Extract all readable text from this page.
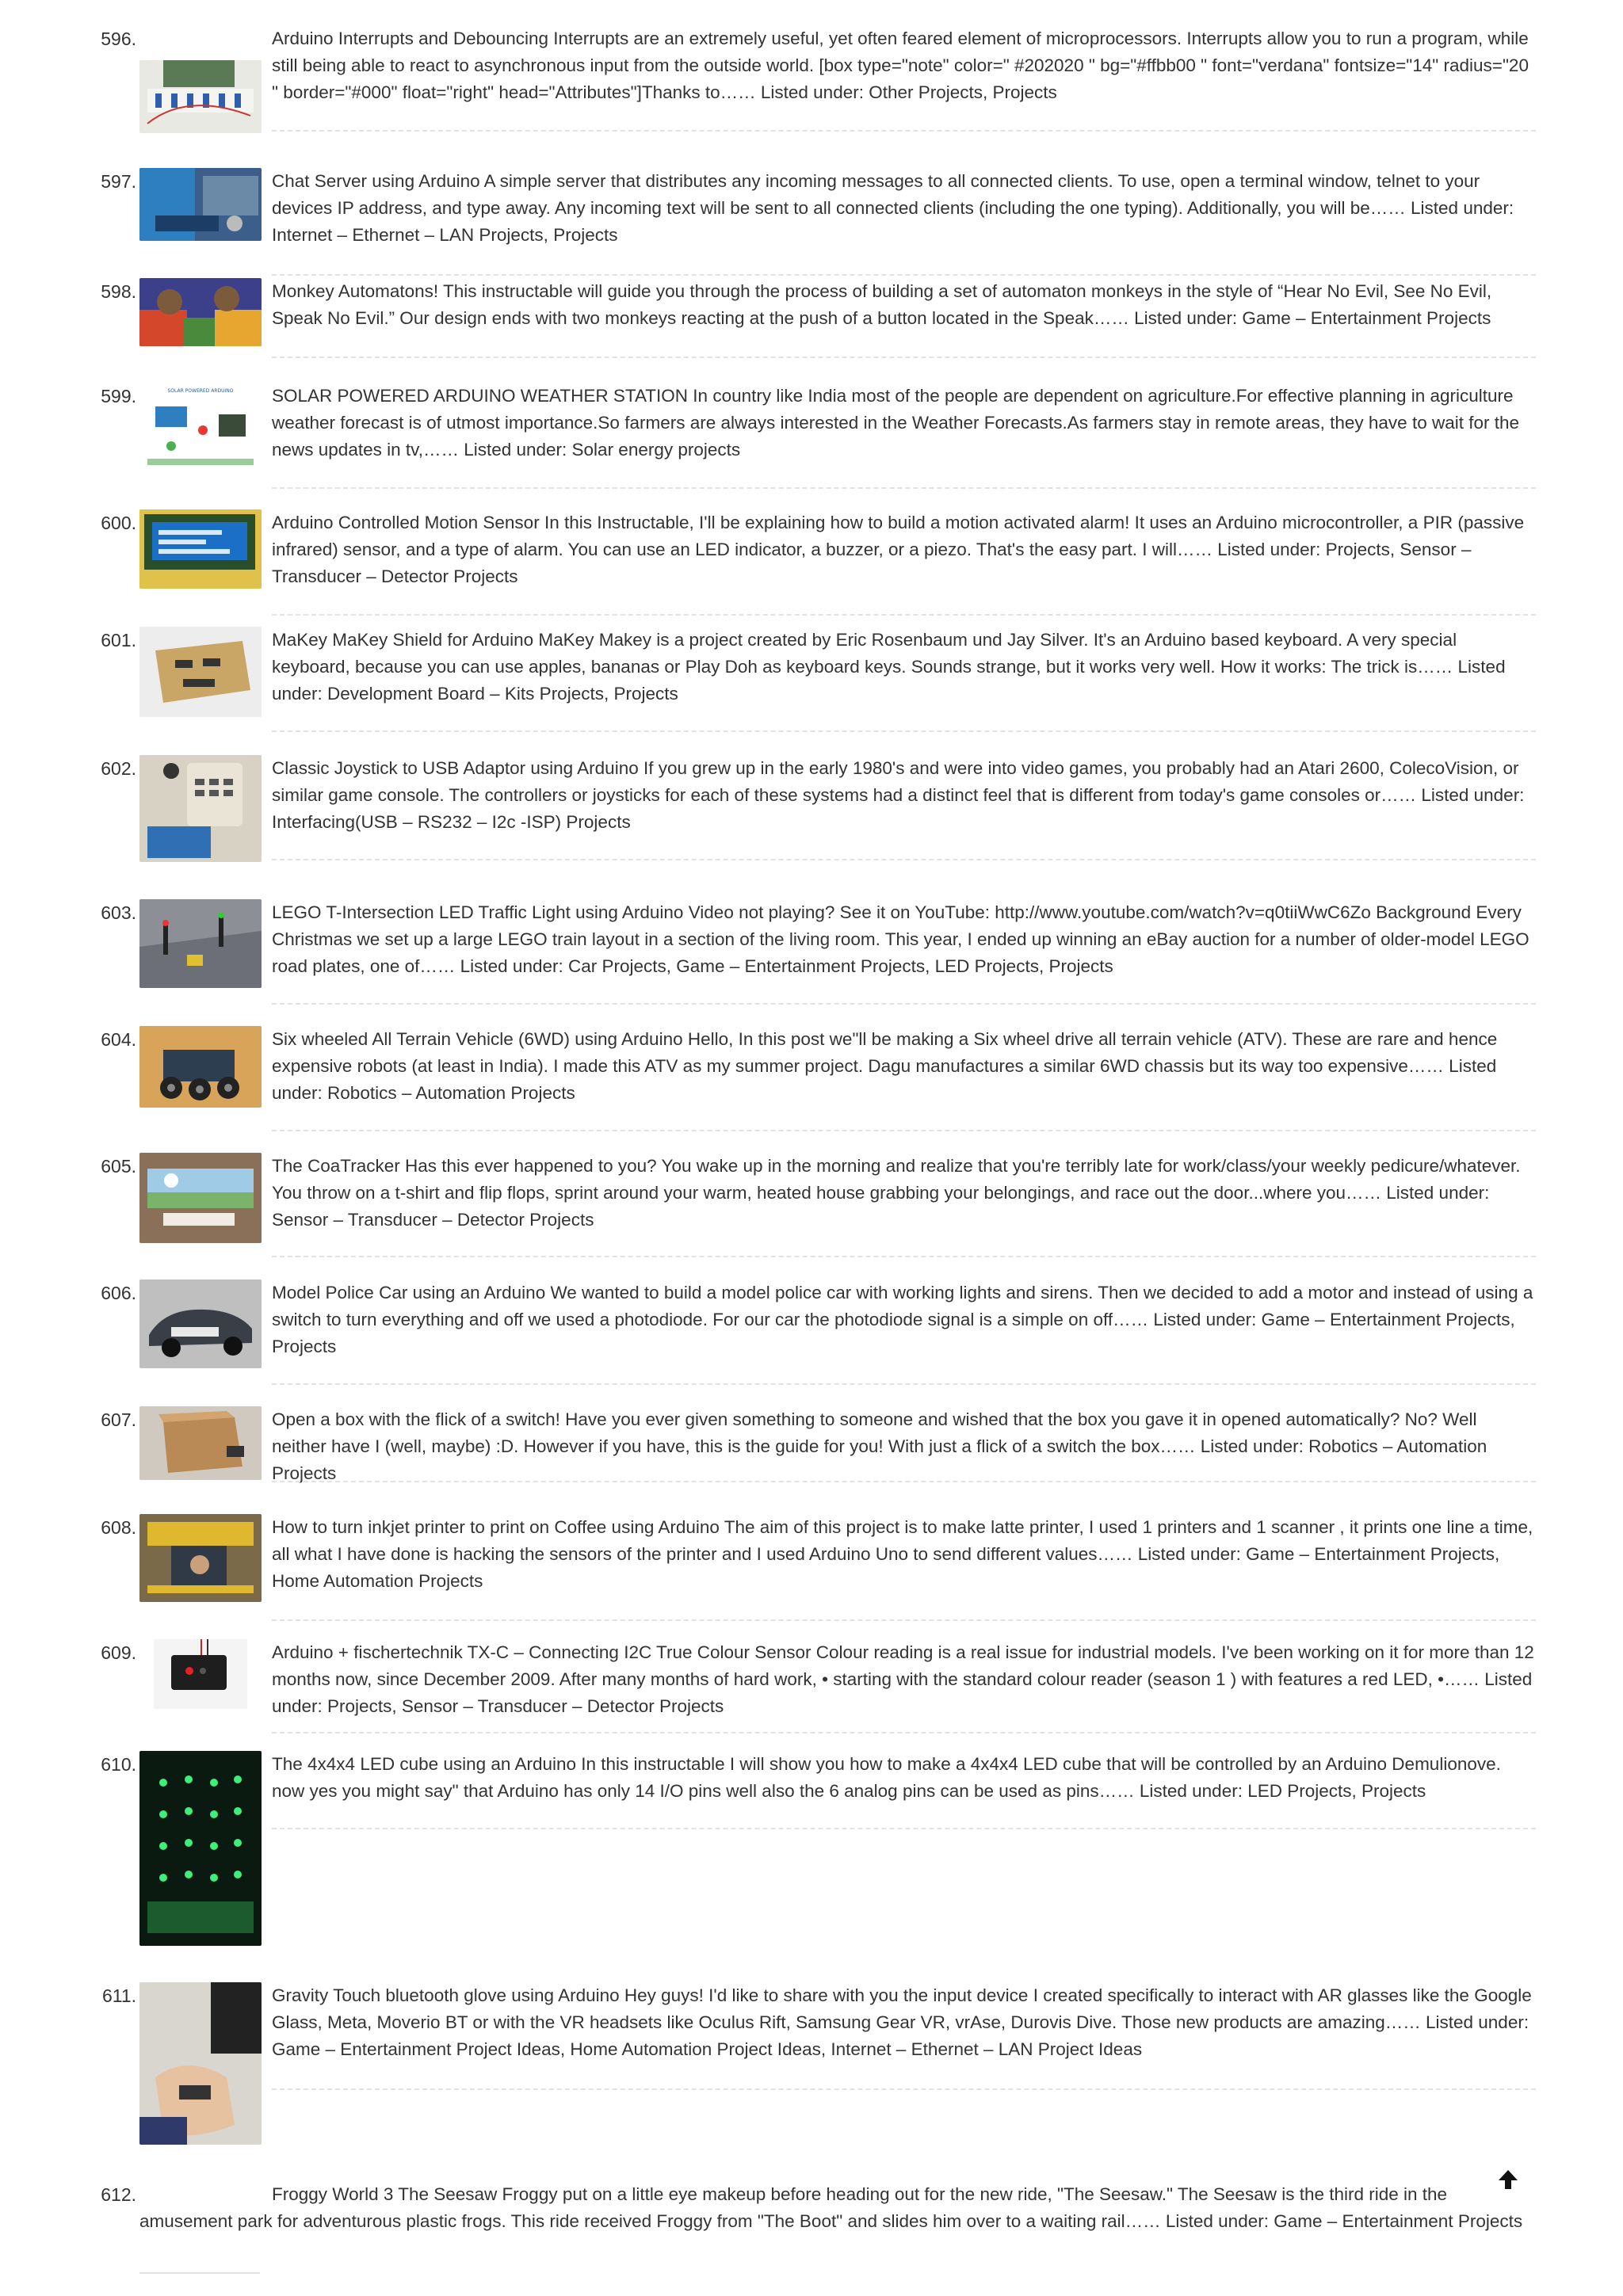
596.	Arduino Interrupts and Debouncing Interrupts are an extremely useful, yet often feared element of microprocessors. Interrupts allow you to run a program, while still being able to react to asynchronous input from the outside world. [box type="note" color=" #202020 " bg="#ffbb00 " font="verdana" fontsize="14" radius="20 " border="#000" float="right" head="Attributes"]Thanks to…… Listed under: Other Projects, Projects
597.	Chat Server using Arduino A simple server that distributes any incoming messages to all connected clients. To use, open a terminal window, telnet to your devices IP address, and type away. Any incoming text will be sent to all connected clients (including the one typing). Additionally, you will be…… Listed under: Internet – Ethernet – LAN Projects, Projects
598.	Monkey Automatons! This instructable will guide you through the process of building a set of automaton monkeys in the style of “Hear No Evil, See No Evil, Speak No Evil.” Our design ends with two monkeys reacting at the push of a button located in the Speak…… Listed under: Game – Entertainment Projects
599.	SOLAR POWERED ARDUINO SOLAR POWERED ARDUINO WEATHER STATION In country like India most of the people are dependent on agriculture.For effective planning in agriculture weather forecast is of utmost importance.So farmers are always interested in the Weather Forecasts.As farmers stay in remote areas, they have to wait for the news updates in tv,…… Listed under: Solar energy projects
600.	Arduino Controlled Motion Sensor In this Instructable, I'll be explaining how to build a motion activated alarm! It uses an Arduino microcontroller, a PIR (passive infrared) sensor, and a type of alarm. You can use an LED indicator, a buzzer, or a piezo. That's the easy part. I will…… Listed under: Projects, Sensor – Transducer – Detector Projects
601.	MaKey MaKey Shield for Arduino MaKey Makey is a project created by Eric Rosenbaum und Jay Silver. It's an Arduino based keyboard. A very special keyboard, because you can use apples, bananas or Play Doh as keyboard keys. Sounds strange, but it works very well. How it works: The trick is…… Listed under: Development Board – Kits Projects, Projects
602.	Classic Joystick to USB Adaptor using Arduino If you grew up in the early 1980's and were into video games, you probably had an Atari 2600, ColecoVision, or similar game console. The controllers or joysticks for each of these systems had a distinct feel that is different from today's game consoles or…… Listed under: Interfacing(USB – RS232 – I2c -ISP) Projects
603.	LEGO T-Intersection LED Traffic Light using Arduino Video not playing? See it on YouTube: http://www.youtube.com/watch?v=q0tiiWwC6Zo Background Every Christmas we set up a large LEGO train layout in a section of the living room. This year, I ended up winning an eBay auction for a number of older-model LEGO road plates, one of…… Listed under: Car Projects, Game – Entertainment Projects, LED Projects, Projects
604.	Six wheeled All Terrain Vehicle (6WD) using Arduino Hello, In this post we"ll be making a Six wheel drive all terrain vehicle (ATV). These are rare and hence expensive robots (at least in India). I made this ATV as my summer project. Dagu manufactures a similar 6WD chassis but its way too expensive…… Listed under: Robotics – Automation Projects
605.	The CoaTracker Has this ever happened to you? You wake up in the morning and realize that you're terribly late for work/class/your weekly pedicure/whatever. You throw on a t-shirt and flip flops, sprint around your warm, heated house grabbing your belongings, and race out the door...where you…… Listed under: Sensor – Transducer – Detector Projects
606.	Model Police Car using an Arduino We wanted to build a model police car with working lights and sirens. Then we decided to add a motor and instead of using a switch to turn everything and off we used a photodiode. For our car the photodiode signal is a simple on off…… Listed under: Game – Entertainment Projects, Projects
607.	Open a box with the flick of a switch! Have you ever given something to someone and wished that the box you gave it in opened automatically? No? Well neither have I (well, maybe) :D. However if you have, this is the guide for you! With just a flick of a switch the box…… Listed under: Robotics – Automation Projects
608.	How to turn inkjet printer to print on Coffee using Arduino The aim of this project is to make latte printer, I used 1 printers and 1 scanner , it prints one line a time, all what I have done is hacking the sensors of the printer and I used Arduino Uno to send different values…… Listed under: Game – Entertainment Projects, Home Automation Projects
609.	Arduino + fischertechnik TX-C – Connecting I2C True Colour Sensor Colour reading is a real issue for industrial models. I've been working on it for more than 12 months now, since December 2009. After many months of hard work, • starting with the standard colour reader (season 1 ) with features a red LED, •…… Listed under: Projects, Sensor – Transducer – Detector Projects
610.	The 4x4x4 LED cube using an Arduino In this instructable I will show you how to make a 4x4x4 LED cube that will be controlled by an Arduino Demulionove. now yes you might say" that Arduino has only 14 I/O pins well also the 6 analog pins can be used as pins…… Listed under: LED Projects, Projects
611.	Gravity Touch bluetooth glove using Arduino Hey guys! I'd like to share with you the input device I created specifically to interact with AR glasses like the Google Glass, Meta, Moverio BT or with the VR headsets like Oculus Rift, Samsung Gear VR, vrAse, Durovis Dive. Those new products are amazing…… Listed under: Game – Entertainment Project Ideas, Home Automation Project Ideas, Internet – Ethernet – LAN Project Ideas
612.	Froggy World 3 The Seesaw Froggy put on a little eye makeup before heading out for the new ride, "The Seesaw." The Seesaw is the third ride in the amusement park for adventurous plastic frogs. This ride received Froggy from "The Boot" and slides him over to a waiting rail…… Listed under: Game – Entertainment Projects
